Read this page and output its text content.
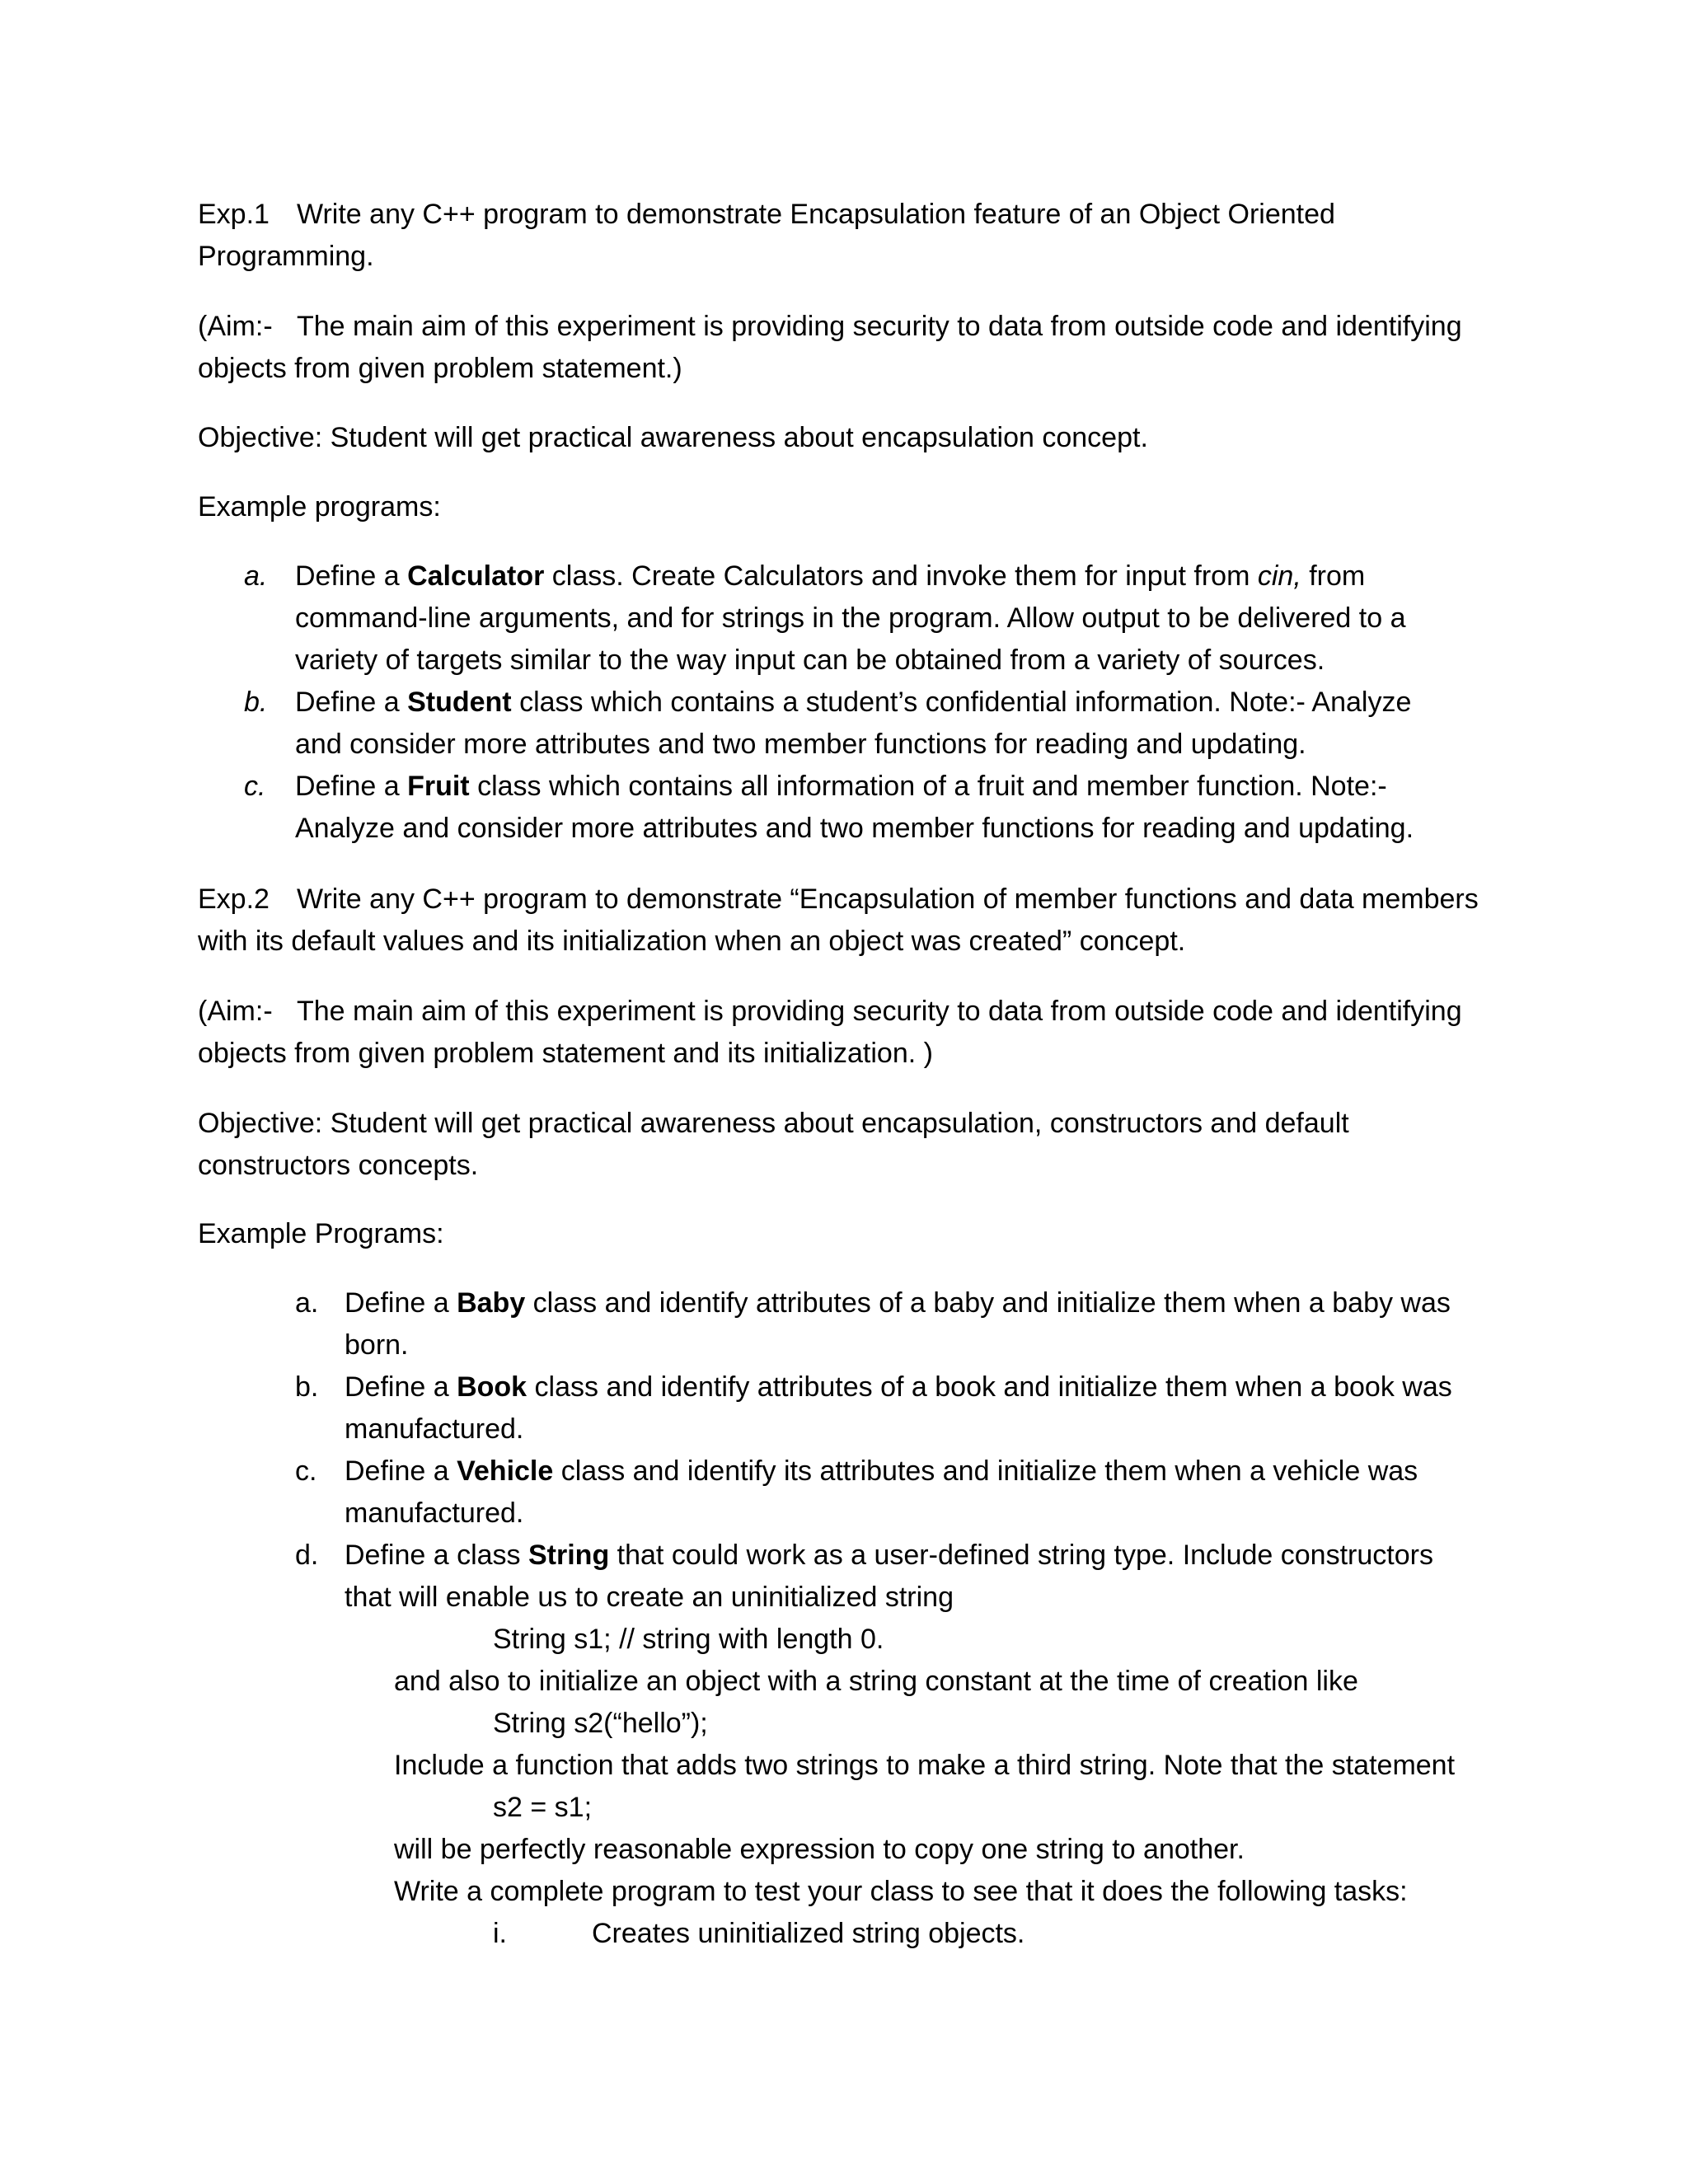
Exp.1 Write any C++ program to demonstrate Encapsulation feature of an Object Oriented Programming.

(Aim:- The main aim of this experiment is providing security to data from outside code and identifying objects from given problem statement.)

Objective: Student will get practical awareness about encapsulation concept.

Example programs:

a. Define a Calculator class. Create Calculators and invoke them for input from cin, from command-line arguments, and for strings in the program. Allow output to be delivered to a variety of targets similar to the way input can be obtained from a variety of sources.
b. Define a Student class which contains a student’s confidential information. Note:- Analyze and consider more attributes and two member functions for reading and updating.
c.	Define a Fruit class which contains all information of a fruit and member function. Note:- Analyze and consider more attributes and two member functions for reading and updating.

Exp.2 Write any C++ program to demonstrate “Encapsulation of member functions and data members with its default values and its initialization when an object was created” concept.

(Aim:- The main aim of this experiment is providing security to data from outside code and identifying objects from given problem statement and its initialization. )

Objective: Student will get practical awareness about encapsulation, constructors and default constructors concepts.

Example Programs:

a. Define a Baby class and identify attributes of a baby and initialize them when a baby was born.
b. Define a Book class and identify attributes of a book and initialize them when a book was manufactured.
c. Define a Vehicle class and identify its attributes and initialize them when a vehicle was manufactured.
d. Define a class String that could work as a user-defined string type. Include constructors that will enable us to create an uninitialized string
String s1; // string with length 0.
and also to initialize an object with a string constant at the time of creation like
String s2(“hello”);
Include a function that adds two strings to make a third string. Note that the statement
s2 = s1;
will be perfectly reasonable expression to copy one string to another.
Write a complete program to test your class to see that it does the following tasks:
i.	Creates uninitialized string objects.
